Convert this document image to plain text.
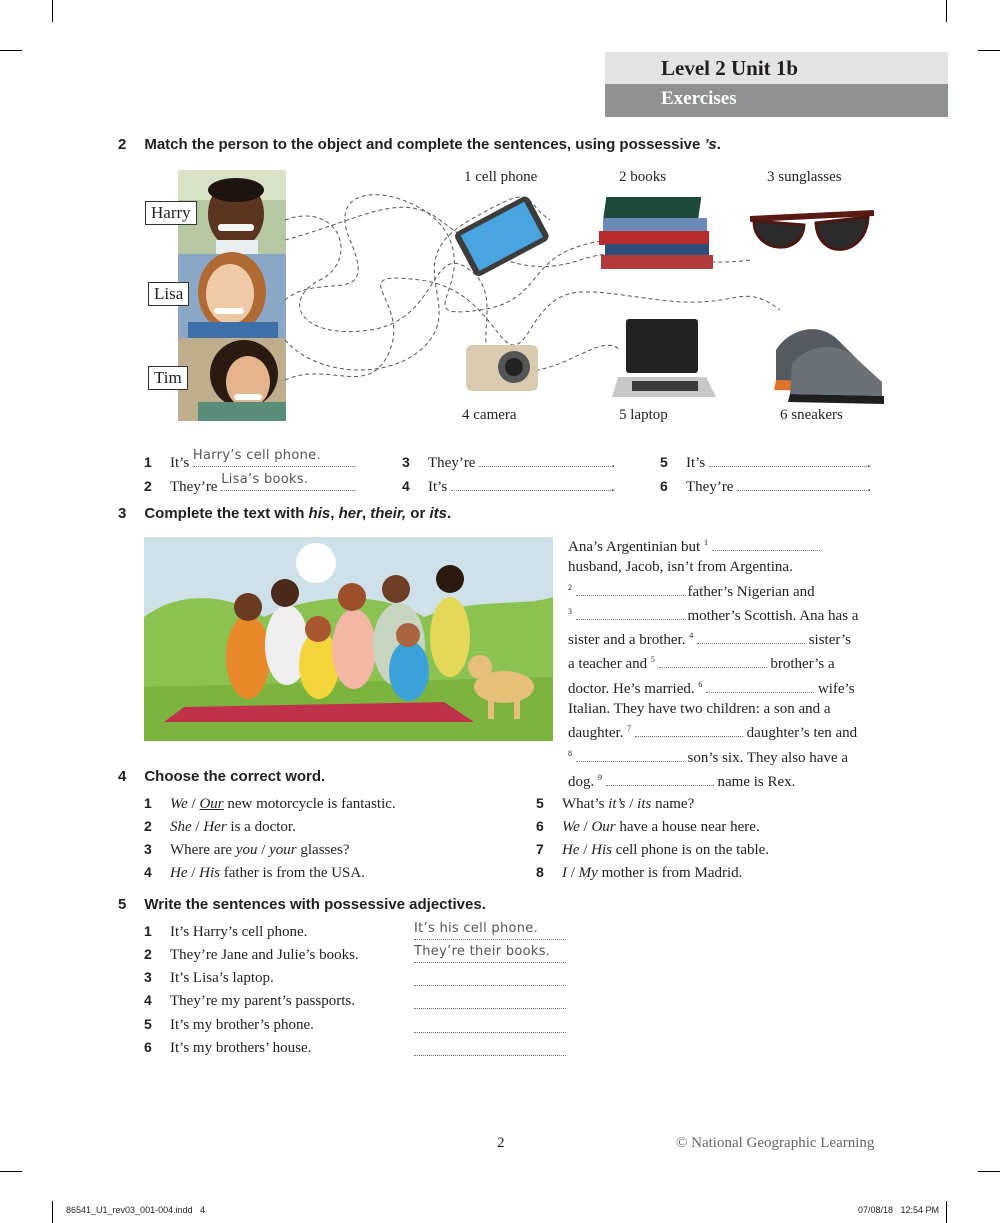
Level 2 Unit 1b
Exercises
2 Match the person to the object and complete the sentences, using possessive ’s.
Harry
Lisa
Tim
1 cell phone	2 books	3 sunglasses
4 camera	5 laptop	6 sneakers
1 It’s Harry’s cell phone.
2 They’re Lisa’s books.
3 They’re	.
4 It’s	.
5 It’s	.
6 They’re	.
3 Complete the text with his, her, their, or its.
Ana’s Argentinian but $^1$
husband, Jacob, isn’t from Argentina.
$^2$	father’s Nigerian and
$^3$	mother’s Scottish. Ana has a
sister and a brother. $^4$	sister’s
a teacher and $^5$	brother’s a
doctor. He’s married. $^6$	wife’s
Italian. They have two children: a son and a
daughter. $^7$	daughter’s ten and
$^8$	son’s six. They also have a
dog. $^9$	name is Rex.
4 Choose the correct word.
1 We / Our new motorcycle is fantastic.
2 She / Her is a doctor.
3 Where are you / your glasses?
4 He / His father is from the USA.
5 What’s it’s / its name?
6 We / Our have a house near here.
7 He / His cell phone is on the table.
8 I / My mother is from Madrid.
5 Write the sentences with possessive adjectives.
1 It’s Harry’s cell phone.
2 They’re Jane and Julie’s books.
3 It’s Lisa’s laptop.
4 They’re my parent’s passports.
5 It’s my brother’s phone.
6 It’s my brothers’ house.
It’s his cell phone.
They’re their books.
2	© National Geographic Learning
86541_U1_rev03_001-004.indd   4	07/08/18   12:54 PM
